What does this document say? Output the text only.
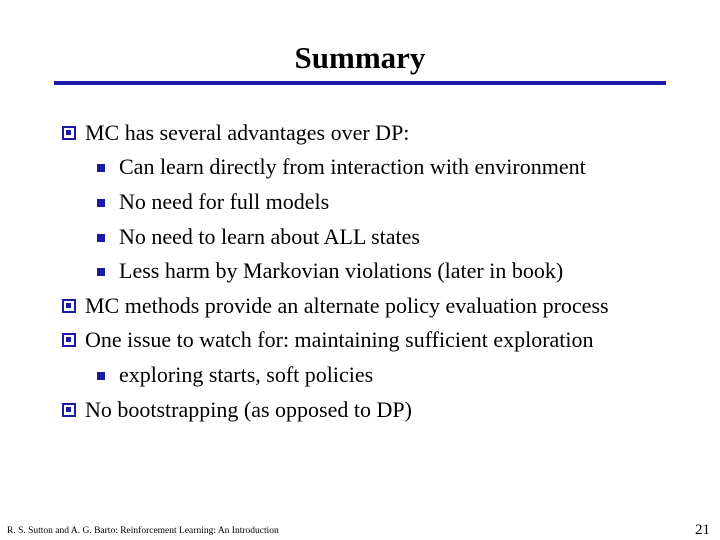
Summary
MC has several advantages over DP:
Can learn directly from interaction with environment
No need for full models
No need to learn about ALL states
Less harm by Markovian violations (later in book)
MC methods provide an alternate policy evaluation process
One issue to watch for: maintaining sufficient exploration
exploring starts, soft policies
No bootstrapping (as opposed to DP)
R. S. Sutton and A. G. Barto: Reinforcement Learning: An Introduction	21
